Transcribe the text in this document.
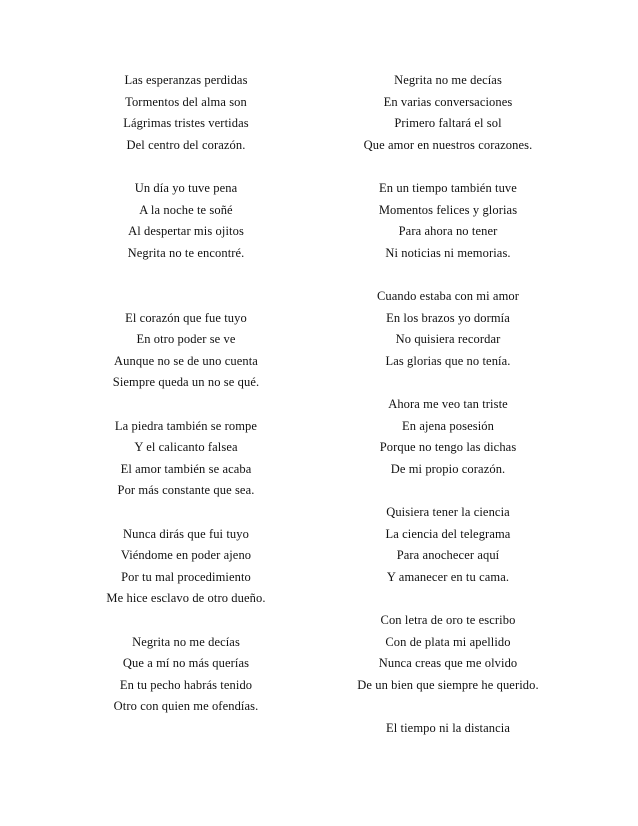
Las esperanzas perdidas
Tormentos del alma son
Lágrimas tristes vertidas
Del centro del corazón.
Un día yo tuve pena
A la noche te soñé
Al despertar mis ojitos
Negrita no te encontré.
El corazón que fue tuyo
En otro poder se ve
Aunque no se de uno cuenta
Siempre queda un no se qué.
La piedra también se rompe
Y el calicanto falsea
El amor también se acaba
Por más constante que sea.
Nunca dirás que fui tuyo
Viéndome en poder ajeno
Por tu mal procedimiento
Me hice esclavo de otro dueño.
Negrita no me decías
Que a mí no más querías
En tu pecho habrás tenido
Otro con quien me ofendías.
Negrita no me decías
En varias conversaciones
Primero faltará el sol
Que amor en nuestros corazones.
En un tiempo también tuve
Momentos felices y glorias
Para ahora no tener
Ni noticias ni memorias.
Cuando estaba con mi amor
En los brazos yo dormía
No quisiera recordar
Las glorias que no tenía.
Ahora me veo tan triste
En ajena posesión
Porque no tengo las dichas
De mi propio corazón.
Quisiera tener la ciencia
La ciencia del telegrama
Para anochecer aquí
Y amanecer en tu cama.
Con letra de oro te escribo
Con de plata mi apellido
Nunca creas que me olvido
De un bien que siempre he querido.
El tiempo ni la distancia
